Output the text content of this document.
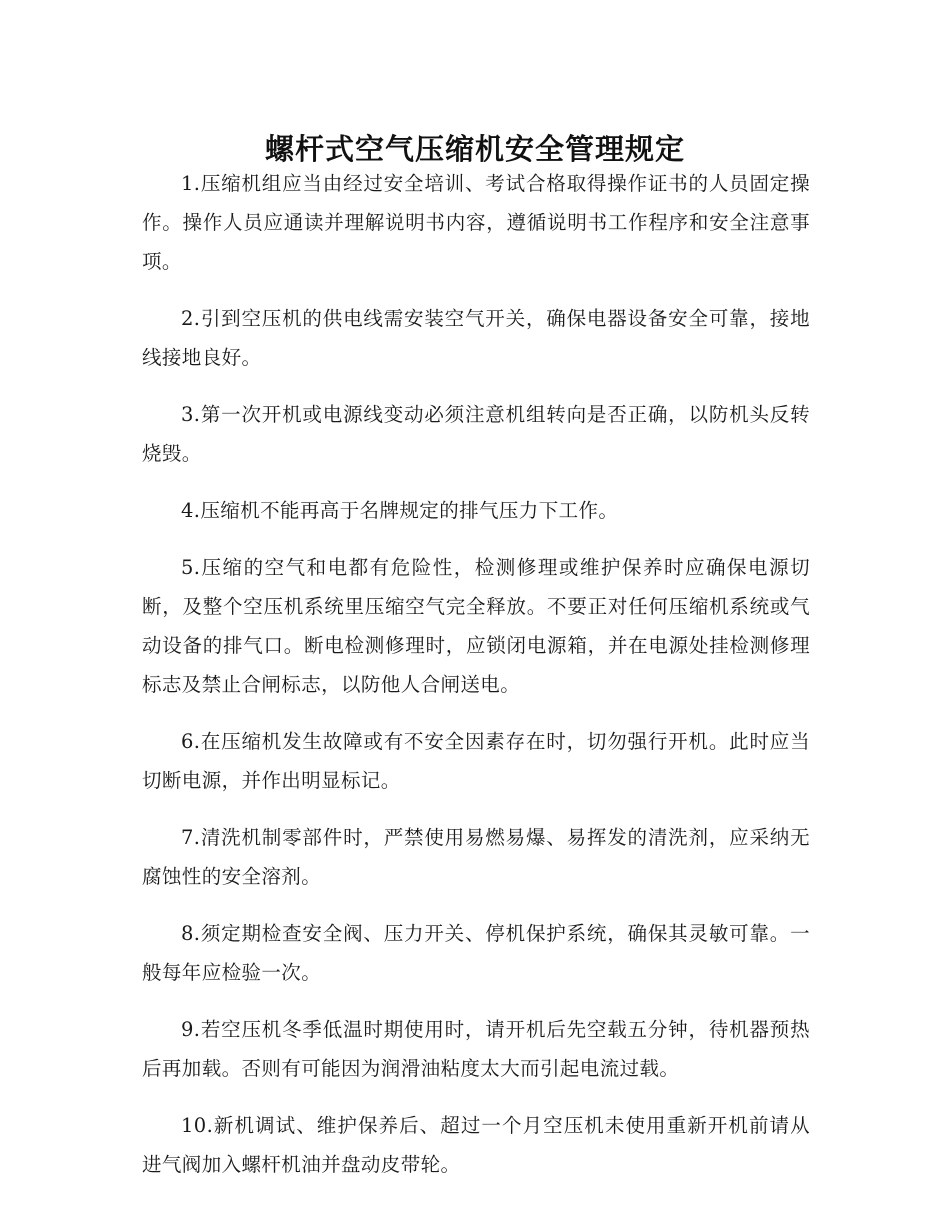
螺杆式空气压缩机安全管理规定

1.压缩机组应当由经过安全培训、考试合格取得操作证书的人员固定操作。操作人员应通读并理解说明书内容，遵循说明书工作程序和安全注意事项。

2.引到空压机的供电线需安装空气开关，确保电器设备安全可靠，接地线接地良好。

3.第一次开机或电源线变动必须注意机组转向是否正确，以防机头反转烧毁。

4.压缩机不能再高于名牌规定的排气压力下工作。

5.压缩的空气和电都有危险性，检测修理或维护保养时应确保电源切断，及整个空压机系统里压缩空气完全释放。不要正对任何压缩机系统或气动设备的排气口。断电检测修理时，应锁闭电源箱，并在电源处挂检测修理标志及禁止合闸标志，以防他人合闸送电。

6.在压缩机发生故障或有不安全因素存在时，切勿强行开机。此时应当切断电源，并作出明显标记。

7.清洗机制零部件时，严禁使用易燃易爆、易挥发的清洗剂，应采纳无腐蚀性的安全溶剂。

8.须定期检查安全阀、压力开关、停机保护系统，确保其灵敏可靠。一般每年应检验一次。

9.若空压机冬季低温时期使用时，请开机后先空载五分钟，待机器预热后再加载。否则有可能因为润滑油粘度太大而引起电流过载。

10.新机调试、维护保养后、超过一个月空压机未使用重新开机前请从进气阀加入螺杆机油并盘动皮带轮。
